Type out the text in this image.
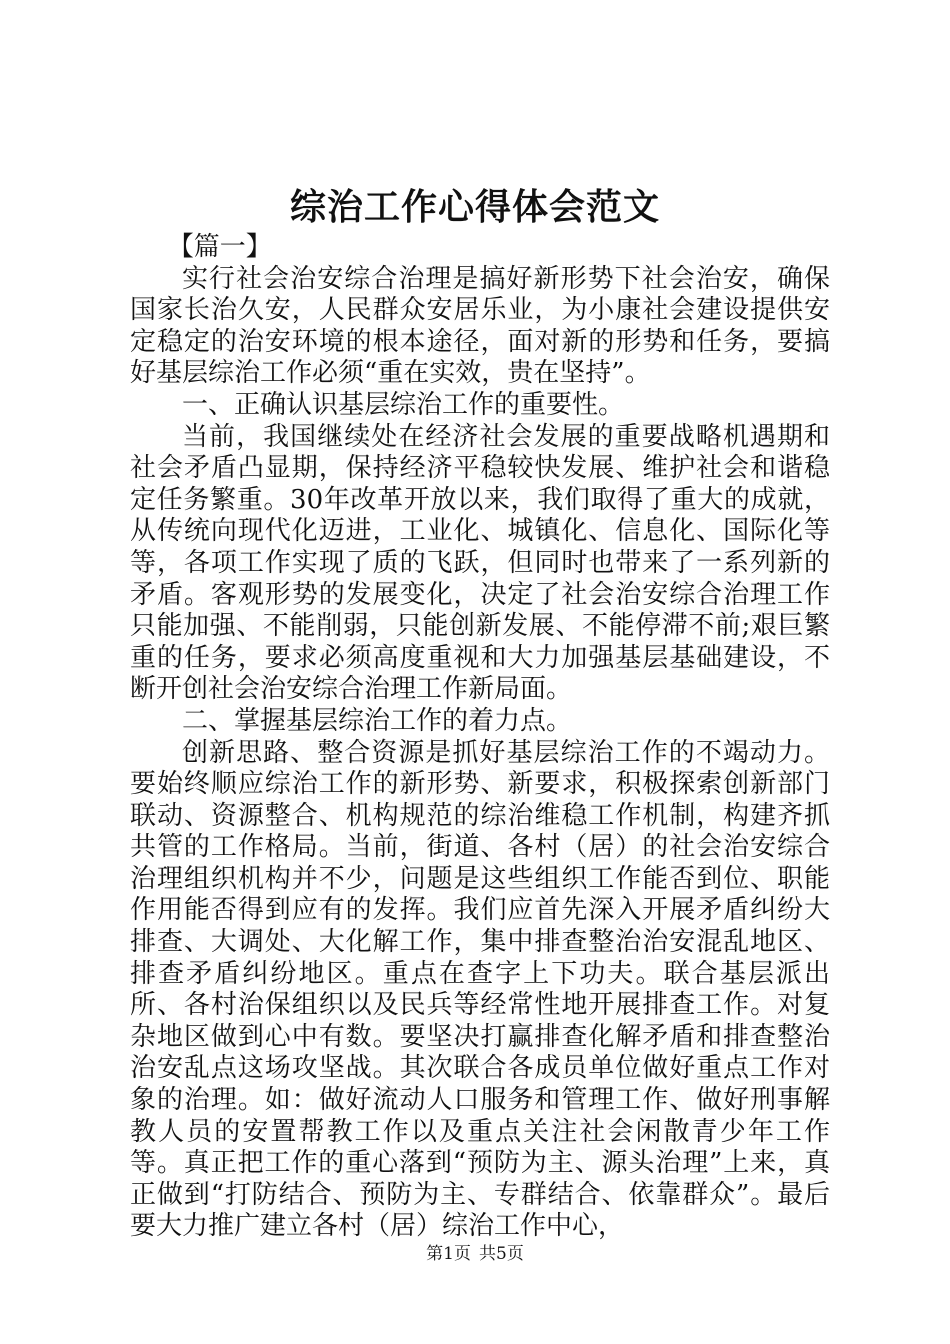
综治工作心得体会范文

【篇一】

实行社会治安综合治理是搞好新形势下社会治安，确保国家长治久安，人民群众安居乐业，为小康社会建设提供安定稳定的治安环境的根本途径，面对新的形势和任务，要搞好基层综治工作必须“重在实效，贵在坚持”。

一、正确认识基层综治工作的重要性。

当前，我国继续处在经济社会发展的重要战略机遇期和社会矛盾凸显期，保持经济平稳较快发展、维护社会和谐稳定任务繁重。30年改革开放以来，我们取得了重大的成就，从传统向现代化迈进，工业化、城镇化、信息化、国际化等等，各项工作实现了质的飞跃，但同时也带来了一系列新的矛盾。客观形势的发展变化，决定了社会治安综合治理工作只能加强、不能削弱，只能创新发展、不能停滞不前;艰巨繁重的任务，要求必须高度重视和大力加强基层基础建设，不断开创社会治安综合治理工作新局面。

二、掌握基层综治工作的着力点。

创新思路、整合资源是抓好基层综治工作的不竭动力。要始终顺应综治工作的新形势、新要求，积极探索创新部门联动、资源整合、机构规范的综治维稳工作机制，构建齐抓共管的工作格局。当前，街道、各村（居）的社会治安综合治理组织机构并不少，问题是这些组织工作能否到位、职能作用能否得到应有的发挥。我们应首先深入开展矛盾纠纷大排查、大调处、大化解工作，集中排查整治治安混乱地区、排查矛盾纠纷地区。重点在查字上下功夫。联合基层派出所、各村治保组织以及民兵等经常性地开展排查工作。对复杂地区做到心中有数。要坚决打赢排查化解矛盾和排查整治治安乱点这场攻坚战。其次联合各成员单位做好重点工作对象的治理。如：做好流动人口服务和管理工作、做好刑事解教人员的安置帮教工作以及重点关注社会闲散青少年工作等。真正把工作的重心落到“预防为主、源头治理”上来，真正做到“打防结合、预防为主、专群结合、依靠群众”。最后要大力推广建立各村（居）综治工作中心，

第1页 共5页
